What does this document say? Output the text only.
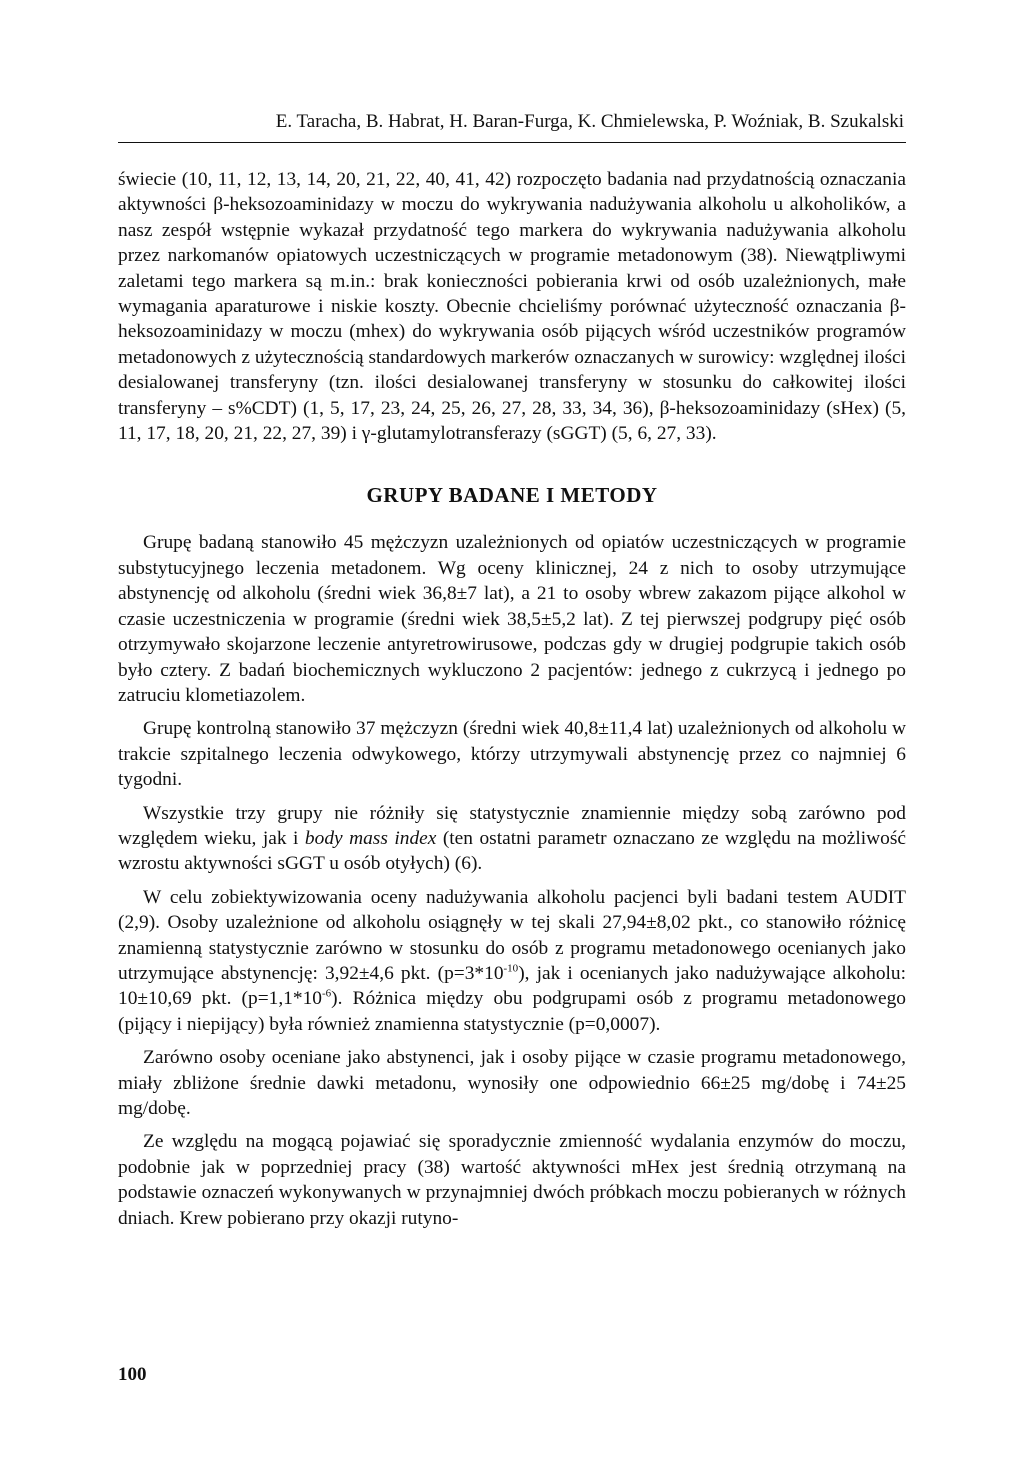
E. Taracha, B. Habrat, H. Baran-Furga, K. Chmielewska, P. Woźniak, B. Szukalski

świecie (10, 11, 12, 13, 14, 20, 21, 22, 40, 41, 42) rozpoczęto badania nad przydatnością oznaczania aktywności β-heksozoaminidazy w moczu do wykrywania nadużywania alkoholu u alkoholików, a nasz zespół wstępnie wykazał przydatność tego markera do wykrywania nadużywania alkoholu przez narkomanów opiatowych uczestniczących w programie metadonowym (38). Niewątpliwymi zaletami tego markera są m.in.: brak konieczności pobierania krwi od osób uzależnionych, małe wymagania aparaturowe i niskie koszty. Obecnie chcieliśmy porównać użyteczność oznaczania β-heksozoaminidazy w moczu (mhex) do wykrywania osób pijących wśród uczestników programów metadonowych z użytecznością standardowych markerów oznaczanych w surowicy: względnej ilości desialowanej transferyny (tzn. ilości desialowanej transferyny w stosunku do całkowitej ilości transferyny – s%CDT) (1, 5, 17, 23, 24, 25, 26, 27, 28, 33, 34, 36), β-heksozoaminidazy (sHex) (5, 11, 17, 18, 20, 21, 22, 27, 39) i γ-glutamylotransferazy (sGGT) (5, 6, 27, 33).

GRUPY BADANE I METODY

Grupę badaną stanowiło 45 mężczyzn uzależnionych od opiatów uczestniczących w programie substytucyjnego leczenia metadonem. Wg oceny klinicznej, 24 z nich to osoby utrzymujące abstynencję od alkoholu (średni wiek 36,8±7 lat), a 21 to osoby wbrew zakazom pijące alkohol w czasie uczestniczenia w programie (średni wiek 38,5±5,2 lat). Z tej pierwszej podgrupy pięć osób otrzymywało skojarzone leczenie antyretrowirusowe, podczas gdy w drugiej podgrupie takich osób było cztery. Z badań biochemicznych wykluczono 2 pacjentów: jednego z cukrzycą i jednego po zatruciu klometiazolem.

Grupę kontrolną stanowiło 37 mężczyzn (średni wiek 40,8±11,4 lat) uzależnionych od alkoholu w trakcie szpitalnego leczenia odwykowego, którzy utrzymywali abstynencję przez co najmniej 6 tygodni.

Wszystkie trzy grupy nie różniły się statystycznie znamiennie między sobą zarówno pod względem wieku, jak i body mass index (ten ostatni parametr oznaczano ze względu na możliwość wzrostu aktywności sGGT u osób otyłych) (6).

W celu zobiektywizowania oceny nadużywania alkoholu pacjenci byli badani testem AUDIT (2,9). Osoby uzależnione od alkoholu osiągnęły w tej skali 27,94±8,02 pkt., co stanowiło różnicę znamienną statystycznie zarówno w stosunku do osób z programu metadonowego ocenianych jako utrzymujące abstynencję: 3,92±4,6 pkt. $(p=3*10^{-10})$, jak i ocenianych jako nadużywające alkoholu: 10±10,69 pkt. $(p=1,1*10^{-6})$. Różnica między obu podgrupami osób z programu metadonowego (pijący i niepijący) była również znamienna statystycznie (p=0,0007).

Zarówno osoby oceniane jako abstynenci, jak i osoby pijące w czasie programu metadonowego, miały zbliżone średnie dawki metadonu, wynosiły one odpowiednio 66±25 mg/dobę i 74±25 mg/dobę.

Ze względu na mogącą pojawiać się sporadycznie zmienność wydalania enzymów do moczu, podobnie jak w poprzedniej pracy (38) wartość aktywności mHex jest średnią otrzymaną na podstawie oznaczeń wykonywanych w przynajmniej dwóch próbkach moczu pobieranych w różnych dniach. Krew pobierano przy okazji rutyno-

100
